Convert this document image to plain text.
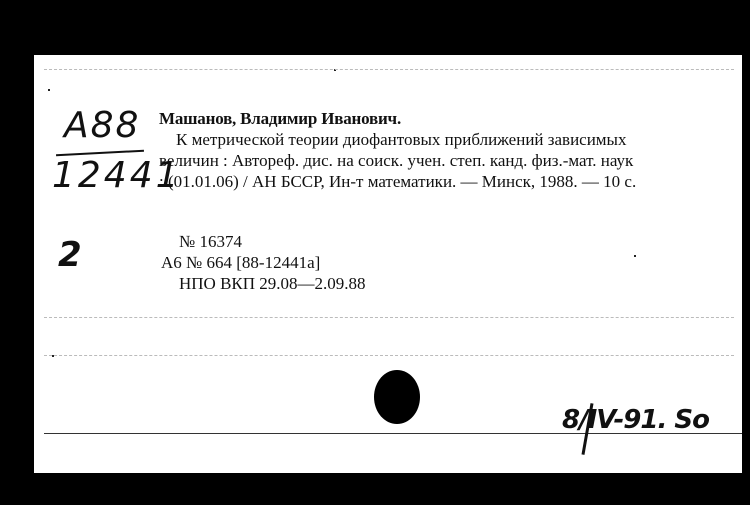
A88
12441
2
Машанов, Владимир Иванович.
К метрической теории диофантовых приближений зависимых
величин : Автореф. дис. на соиск. учен. степ. канд. физ.-мат. наук
: (01.01.06) / АН БССР, Ин-т математики. — Минск, 1988. — 10 с.
№ 16374
А6 № 664 [88-12441а]
НПО ВКП 29.08—2.09.88
8/IV-91. Sо
